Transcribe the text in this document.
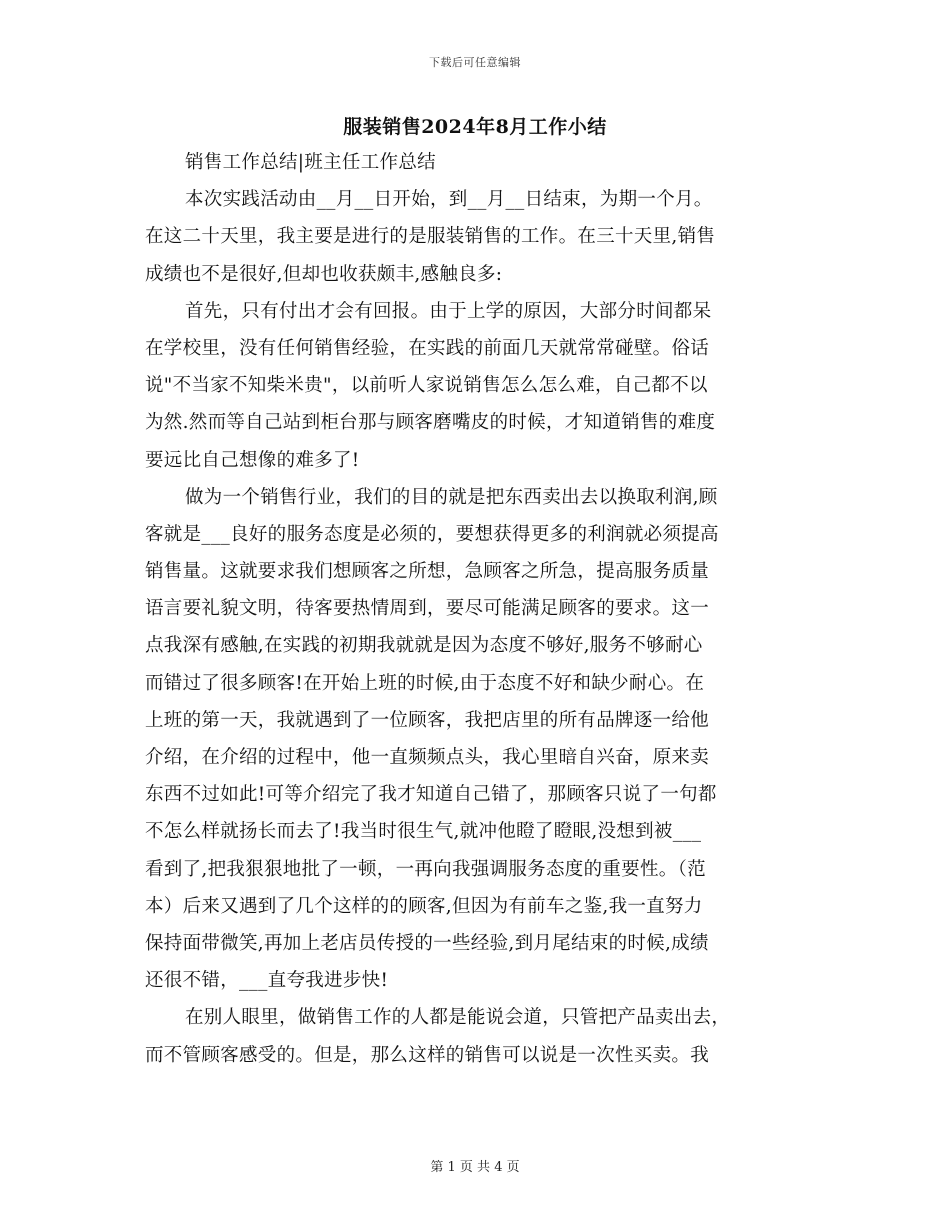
下载后可任意编辑
服装销售2024年8月工作小结
销售工作总结|班主任工作总结
本次实践活动由__月__日开始，到__月__日结束，为期一个月。
在这二十天里，我主要是进行的是服装销售的工作。在三十天里,销售
成绩也不是很好,但却也收获颇丰,感触良多:
首先，只有付出才会有回报。由于上学的原因，大部分时间都呆
在学校里，没有任何销售经验，在实践的前面几天就常常碰壁。俗话
说"不当家不知柴米贵"，以前听人家说销售怎么怎么难，自己都不以
为然.然而等自己站到柜台那与顾客磨嘴皮的时候，才知道销售的难度
要远比自己想像的难多了!
做为一个销售行业，我们的目的就是把东西卖出去以换取利润,顾
客就是___良好的服务态度是必须的，要想获得更多的利润就必须提高
销售量。这就要求我们想顾客之所想，急顾客之所急，提高服务质量
语言要礼貌文明，待客要热情周到，要尽可能满足顾客的要求。这一
点我深有感触,在实践的初期我就就是因为态度不够好,服务不够耐心
而错过了很多顾客!在开始上班的时候,由于态度不好和缺少耐心。在
上班的第一天，我就遇到了一位顾客，我把店里的所有品牌逐一给他
介绍，在介绍的过程中，他一直频频点头，我心里暗自兴奋，原来卖
东西不过如此!可等介绍完了我才知道自己错了，那顾客只说了一句都
不怎么样就扬长而去了!我当时很生气,就冲他瞪了瞪眼,没想到被___
看到了,把我狠狠地批了一顿，一再向我强调服务态度的重要性。（范
本）后来又遇到了几个这样的的顾客,但因为有前车之鉴,我一直努力
保持面带微笑,再加上老店员传授的一些经验,到月尾结束的时候,成绩
还很不错，___直夸我进步快!
在别人眼里，做销售工作的人都是能说会道，只管把产品卖出去，
而不管顾客感受的。但是，那么这样的销售可以说是一次性买卖。我
第 1 页 共 4 页
